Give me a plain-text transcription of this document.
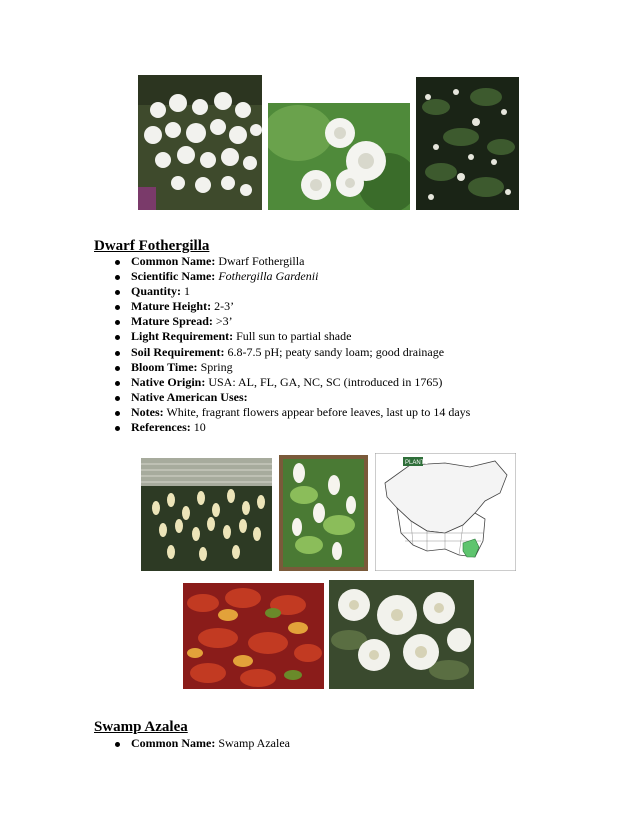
Dwarf Fothergilla
Common Name: Dwarf Fothergilla
Scientific Name: Fothergilla Gardenii
Quantity: 1
Mature Height: 2-3’
Mature Spread: >3’
Light Requirement: Full sun to partial shade
Soil Requirement: 6.8-7.5 pH; peaty sandy loam; good drainage
Bloom Time: Spring
Native Origin: USA: AL, FL, GA, NC, SC (introduced in 1765)
Native American Uses:
Notes: White, fragrant flowers appear before leaves, last up to 14 days
References: 10
PLANTS
Swamp Azalea
Common Name: Swamp Azalea
